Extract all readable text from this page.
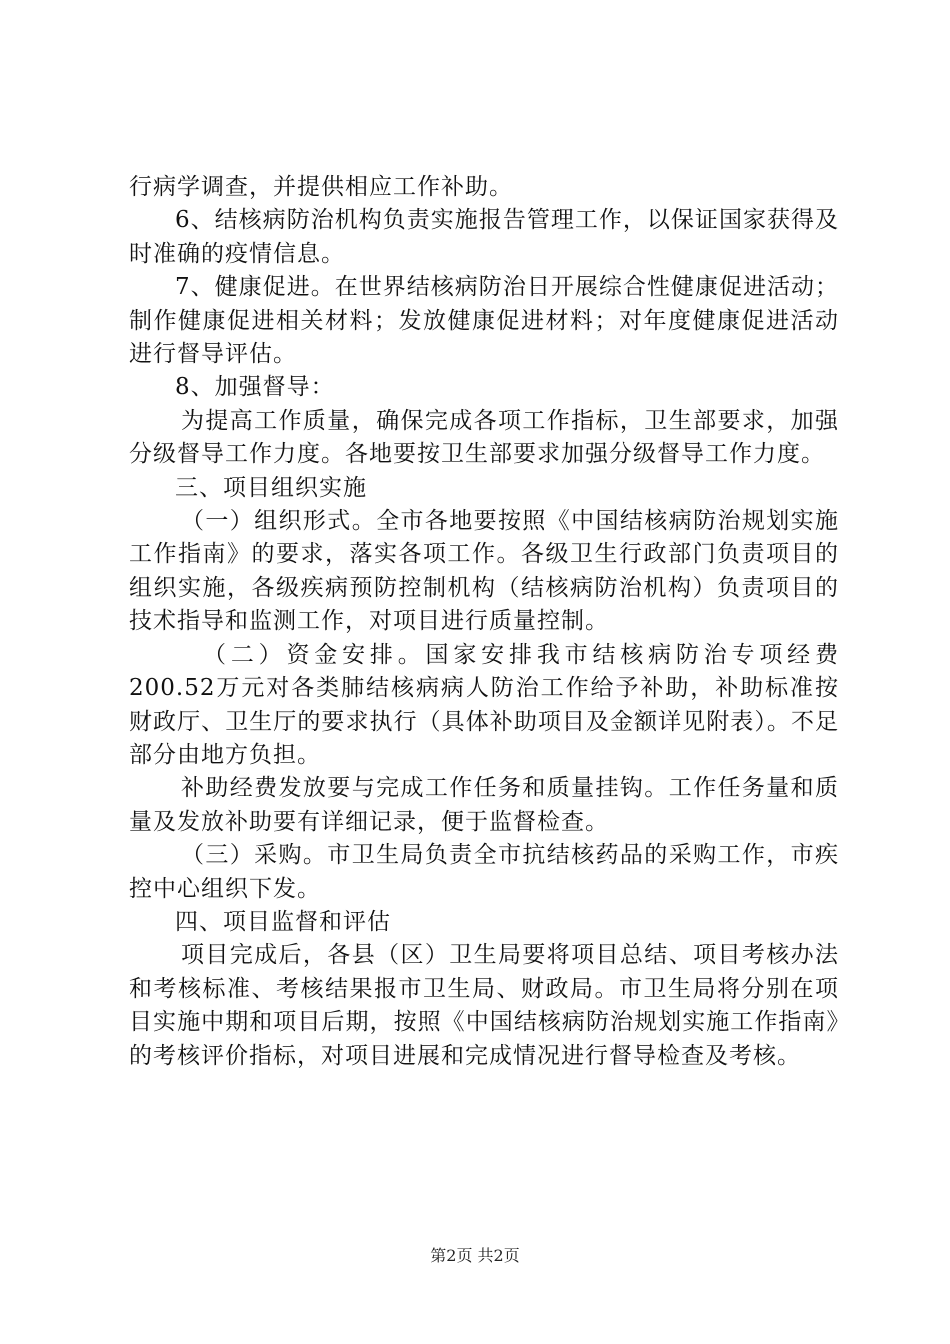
行病学调查，并提供相应工作补助。

6、结核病防治机构负责实施报告管理工作，以保证国家获得及时准确的疫情信息。

7、健康促进。在世界结核病防治日开展综合性健康促进活动；制作健康促进相关材料；发放健康促进材料；对年度健康促进活动进行督导评估。

8、加强督导：

为提高工作质量，确保完成各项工作指标，卫生部要求，加强分级督导工作力度。各地要按卫生部要求加强分级督导工作力度。

三、项目组织实施

（一）组织形式。全市各地要按照《中国结核病防治规划实施工作指南》的要求，落实各项工作。各级卫生行政部门负责项目的组织实施，各级疾病预防控制机构（结核病防治机构）负责项目的技术指导和监测工作，对项目进行质量控制。

（二）资金安排。国家安排我市结核病防治专项经费200.52万元对各类肺结核病病人防治工作给予补助，补助标准按财政厅、卫生厅的要求执行（具体补助项目及金额详见附表）。不足部分由地方负担。

补助经费发放要与完成工作任务和质量挂钩。工作任务量和质量及发放补助要有详细记录，便于监督检查。

（三）采购。市卫生局负责全市抗结核药品的采购工作，市疾控中心组织下发。

四、项目监督和评估

项目完成后，各县（区）卫生局要将项目总结、项目考核办法和考核标准、考核结果报市卫生局、财政局。市卫生局将分别在项目实施中期和项目后期，按照《中国结核病防治规划实施工作指南》的考核评价指标，对项目进展和完成情况进行督导检查及考核。

第2页 共2页
